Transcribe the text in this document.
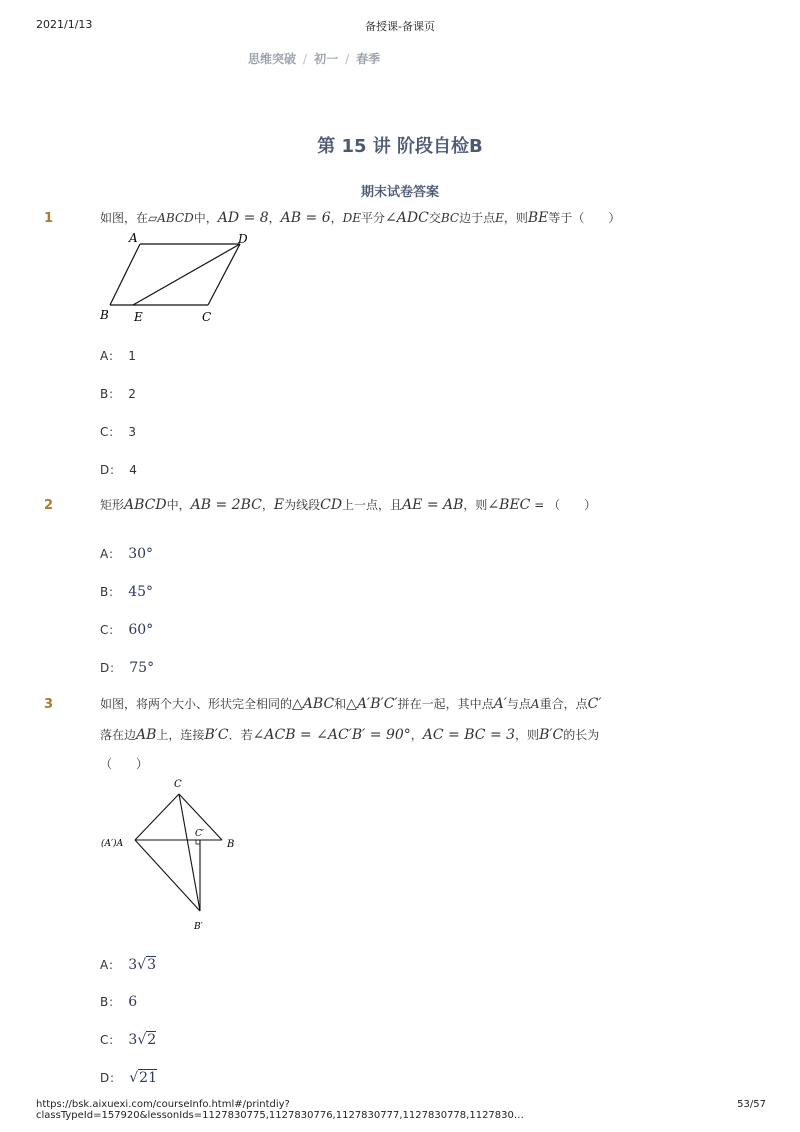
2021/1/13	备授课-备课页
思维突破 / 初一 / 春季
第 15 讲 阶段自检B
期末试卷答案
1	如图，在▱ABCD中，AD = 8，AB = 6，DE平分∠ADC交BC边于点E，则BE等于（　　）
A	D
B E	C
A： 1
B： 2
C： 3
D： 4
2	矩形ABCD中，AB = 2BC，E为线段CD上一点，且AE = AB，则∠BEC = （　　）
A： 30°
B： 45°
C： 60°
D： 75°
3	如图，将两个大小、形状完全相同的△ABC和△A′B′C′拼在一起，其中点A′与点A重合，点C′
落在边AB上，连接B′C．若∠ACB = ∠AC′B′ = 90°，AC = BC = 3，则B′C的长为
（　　）
C
C′
(A′)A	B
B′
A： 3√3
B： 6
C： 3√2
D： √21
https://bsk.aixuexi.com/courseInfo.html#/printdiy?classTypeId=157920&lessonIds=1127830775,1127830776,1127830777,1127830778,1127830…
53/57
